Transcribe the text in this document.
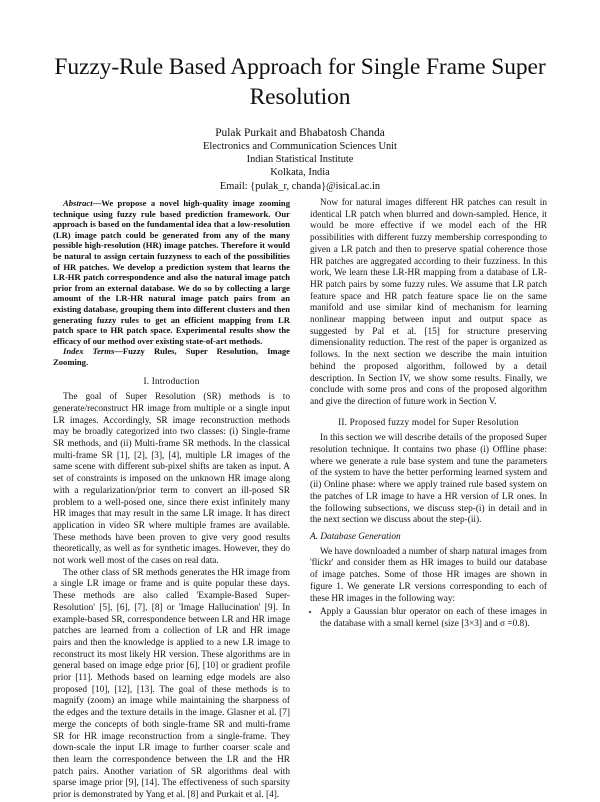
Fuzzy-Rule Based Approach for Single Frame Super Resolution
Pulak Purkait and Bhabatosh Chanda
Electronics and Communication Sciences Unit
Indian Statistical Institute
Kolkata, India
Email: {pulak_r, chanda}@isical.ac.in

Abstract—We propose a novel high-quality image zooming technique using fuzzy rule based prediction framework. Our approach is based on the fundamental idea that a low-resolution (LR) image patch could be generated from any of the many possible high-resolution (HR) image patches. Therefore it would be natural to assign certain fuzzyness to each of the possibilities of HR patches. We develop a prediction system that learns the LR-HR patch correspondence and also the natural image patch prior from an external database. We do so by collecting a large amount of the LR-HR natural image patch pairs from an existing database, grouping them into different clusters and then generating fuzzy rules to get an efficient mapping from LR patch space to HR patch space. Experimental results show the efficacy of our method over existing state-of-art methods.

Index Terms—Fuzzy Rules, Super Resolution, Image Zooming.

I. Introduction

The goal of Super Resolution (SR) methods is to generate/reconstruct HR image from multiple or a single input LR images. Accordingly, SR image reconstruction methods may be broadly categorized into two classes: (i) Single-frame SR methods, and (ii) Multi-frame SR methods. In the classical multi-frame SR [1], [2], [3], [4], multiple LR images of the same scene with different sub-pixel shifts are taken as input. A set of constraints is imposed on the unknown HR image along with a regularization/prior term to convert an ill-posed SR problem to a well-posed one, since there exist infinitely many HR images that may result in the same LR image. It has direct application in video SR where multiple frames are available. These methods have been proven to give very good results theoretically, as well as for synthetic images. However, they do not work well most of the cases on real data.

The other class of SR methods generates the HR image from a single LR image or frame and is quite popular these days. These methods are also called 'Example-Based Super-Resolution' [5], [6], [7], [8] or 'Image Hallucination' [9]. In example-based SR, correspondence between LR and HR image patches are learned from a collection of LR and HR image pairs and then the knowledge is applied to a new LR image to reconstruct its most likely HR version. These algorithms are in general based on image edge prior [6], [10] or gradient profile prior [11]. Methods based on learning edge models are also proposed [10], [12], [13]. The goal of these methods is to magnify (zoom) an image while maintaining the sharpness of the edges and the texture details in the image. Glasner et al. [7] merge the concepts of both single-frame SR and multi-frame SR for HR image reconstruction from a single-frame. They down-scale the input LR image to further coarser scale and then learn the correspondence between the LR and the HR patch pairs. Another variation of SR algorithms deal with sparse image prior [9], [14]. The effectiveness of such sparsity prior is demonstrated by Yang et al. [8] and Purkait et al. [4].

Now for natural images different HR patches can result in identical LR patch when blurred and down-sampled. Hence, it would be more effective if we model each of the HR possibilities with different fuzzy membership corresponding to given a LR patch and then to preserve spatial coherence those HR patches are aggregated according to their fuzziness. In this work, We learn these LR-HR mapping from a database of LR-HR patch pairs by some fuzzy rules. We assume that LR patch feature space and HR patch feature space lie on the same manifold and use similar kind of mechanism for learning nonlinear mapping between input and output space as suggested by Pal et al. [15] for structure preserving dimensionality reduction. The rest of the paper is organized as follows. In the next section we describe the main intuition behind the proposed algorithm, followed by a detail description. In Section IV, we show some results. Finally, we conclude with some pros and cons of the proposed algorithm and give the direction of future work in Section V.

II. Proposed fuzzy model for Super Resolution

In this section we will describe details of the proposed Super resolution technique. It contains two phase (i) Offline phase: where we generate a rule base system and tune the parameters of the system to have the better performing learned system and (ii) Online phase: where we apply trained rule based system on the patches of LR image to have a HR version of LR ones. In the following subsections, we discuss step-(i) in detail and in the next section we discuss about the step-(ii).

A. Database Generation

We have downloaded a number of sharp natural images from 'flickr' and consider them as HR images to build our database of image patches. Some of those HR images are shown in figure 1. We generate LR versions corresponding to each of these HR images in the following way:

• Apply a Gaussian blur operator on each of these images in the database with a small kernel (size [3×3] and σ =0.8).
